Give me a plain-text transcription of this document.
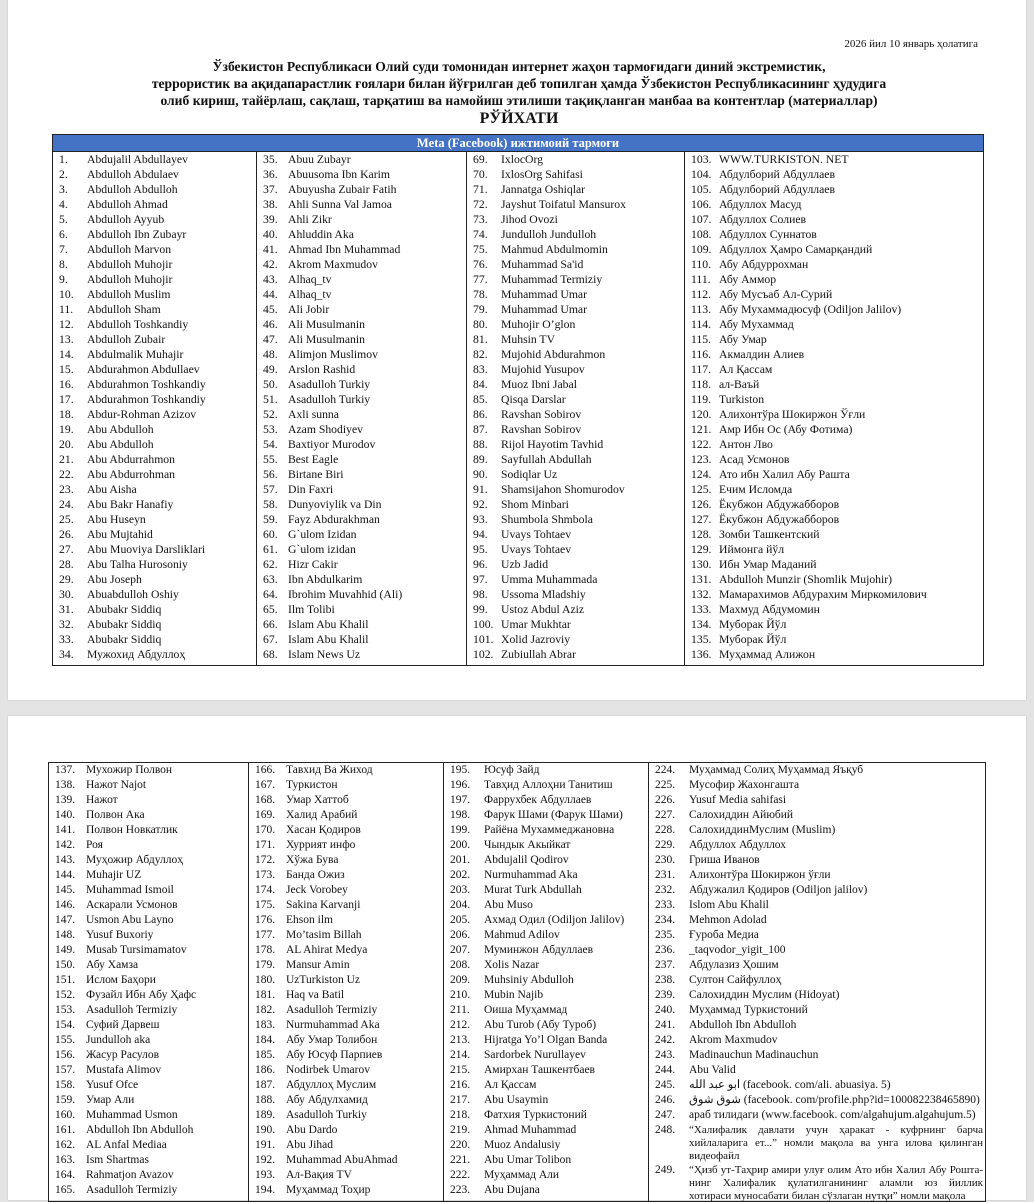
2026 йил 10 январь ҳолатига
Ўзбекистон Республикаси Олий суди томонидан интернет жаҳон тармоғидаги диний экстремистик,
террористик ва ақидапарастлик ғоялари билан йўғрилган деб топилган ҳамда Ўзбекистон Республикасининг ҳудудига
олиб кириш, тайёрлаш, сақлаш, тарқатиш ва намойиш этилиши тақиқланган манбаа ва контентлар (материаллар)
РЎЙХАТИ
Meta (Facebook) ижтимоий тармоғи
1.	Abdujalil Abdullayev
2.	Abdulloh Abdulaev
3.	Abdulloh Abdulloh
4.	Abdulloh Ahmad
5.	Abdulloh Ayyub
6.	Abdulloh Ibn Zubayr
7.	Abdulloh Marvon
8.	Abdulloh Muhojir
9.	Abdulloh Muhojir
10.	Abdulloh Muslim
11.	Abdulloh Sham
12.	Abdulloh Toshkandiy
13.	Abdulloh Zubair
14.	Abdulmalik Muhajir
15.	Abdurahmon Abdullaev
16.	Abdurahmon Toshkandiy
17.	Abdurahmon Toshkandiy
18.	Abdur-Rohman Azizov
19.	Abu Abdulloh
20.	Abu Abdulloh
21.	Abu Abdurrahmon
22.	Abu Abdurrohman
23.	Abu Aisha
24.	Abu Bakr Hanafiy
25.	Abu Huseyn
26.	Abu Mujtahid
27.	Abu Muoviya Darsliklari
28.	Abu Talha Hurosoniy
29.	Abu Joseph
30.	Abuabdulloh Oshiy
31.	Abubakr Siddiq
32.	Abubakr Siddiq
33.	Abubakr Siddiq
34.	Мужохид Абдуллоҳ
35. Abuu Zubayr
36. Abuusoma Ibn Karim
37. Abuyusha Zubair Fatih
38. Ahli Sunna Val Jamoa
39. Ahli Zikr
40. Ahluddin Aka
41. Ahmad Ibn Muhammad
42. Akrom Maxmudov
43. Alhaq_tv
44. Alhaq_tv
45. Ali Jobir
46. Ali Musulmanin
47. Ali Musulmanin
48. Alimjon Muslimov
49. Arslon Rashid
50. Asadulloh Turkiy
51. Asadulloh Turkiy
52. Axli sunna
53. Azam Shodiyev
54. Baxtiyor Murodov
55. Best Eagle
56. Birtane Biri
57. Din Faxri
58. Dunyoviylik va Din
59. Fayz Abdurakhman
60. G`ulom Izidan
61. G`ulom izidan
62. Hizr Cakir
63. Ibn Abdulkarim
64. Ibrohim Muvahhid (Ali)
65. Ilm Tolibi
66. Islam Abu Khalil
67. Islam Abu Khalil
68. Islam News Uz
69.	IxlocOrg
70.	IxlosOrg Sahifasi
71.	Jannatga Oshiqlar
72.	Jayshut Toifatul Mansurox
73.	Jihod Ovozi
74.	Jundulloh Jundulloh
75.	Mahmud Abdulmomin
76.	Muhammad Sa'id
77.	Muhammad Termiziy
78.	Muhammad Umar
79.	Muhammad Umar
80.	Muhojir O’glon
81.	Muhsin TV
82.	Mujohid Abdurahmon
83.	Mujohid Yusupov
84.	Muoz Ibni Jabal
85.	Qisqa Darslar
86.	Ravshan Sobirov
87.	Ravshan Sobirov
88.	Rijol Hayotim Tavhid
89.	Sayfullah Abdullah
90.	Sodiqlar Uz
91.	Shamsijahon Shomurodov
92.	Shom Minbari
93.	Shumbola Shmbola
94.	Uvays Tohtaev
95.	Uvays Tohtaev
96.	Uzb Jadid
97.	Umma Muhammada
98.	Ussoma Mladshiy
99.	Ustoz Abdul Aziz
100. Umar Mukhtar
101. Xolid Jazroviy
102. Zubiullah Abrar
103. WWW.TURKISTON. NET
104. Абдулборий Абдуллаев
105. Абдулборий Абдуллаев
106. Абдуллох Масуд
107. Абдуллох Солиев
108. Абдуллох Суннатов
109. Абдуллох Ҳамро Самарқандий
110. Абу Абдуррохман
111. Абу Аммор
112. Абу Мусъаб Ал-Сурий
113. Абу Мухаммадюсуф (Odiljon Jalilov)
114. Абу Мухаммад
115. Абу Умар
116. Акмалдин Алиев
117. Ал Қассам
118. ал-Ваъй
119. Turkiston
120. Алихонтўра Шокиржон Ўғли
121. Амр Ибн Ос (Абу Фотима)
122. Антон Лво
123. Асад Усмонов
124. Ато ибн Халил Абу Рашта
125. Ечим Исломда
126. Ёкубжон Абдужабборов
127. Ёкубжон Абдужабборов
128. Зомби Ташкентский
129. Иймонга йўл
130. Ибн Умар Маданий
131. Abdulloh Munzir (Shomlik Mujohir)
132. Мамарахимов Абдурахим Миркомилович
133. Махмуд Абдумомин
134. Муборак Йўл
135. Муборак Йўл
136. Муҳаммад Алижон
137. Мухожир Полвон
138. Нажот Najot
139. Нажот
140. Полвон Ака
141. Полвон Новкатлик
142. Роя
143. Муҳожир Абдуллоҳ
144. Muhajir UZ
145. Muhammad Ismoil
146. Аскарали Усмонов
147. Usmon Abu Layno
148. Yusuf Buxoriy
149. Musab Tursimamatov
150. Абу Хамза
151. Ислом Баҳори
152. Фузайл Ибн Абу Ҳафс
153. Asadulloh Termiziy
154. Суфий Дарвеш
155. Jundulloh aka
156. Жасур Расулов
157. Mustafa Alimov
158. Yusuf Ofce
159. Умар Али
160. Muhammad Usmon
161. Abdulloh Ibn Abdulloh
162. AL Anfal Mediaa
163. Ism Shartmas
164. Rahmatjon Avazov
165. Asadulloh Termiziy
166. Тавхид Ва Жиход
167. Туркистон
168. Умар Хаттоб
169. Халид Арабий
170. Хасан Қодиров
171. Хуррият инфо
172. Хўжа Бува
173. Банда Ожиз
174. Jeck Vorobey
175. Sakina Karvanji
176. Ehson ilm
177. Mo’tasim Billah
178. AL Ahirat Medya
179. Mansur Amin
180. UzTurkiston Uz
181. Haq va Batil
182. Asadulloh Termiziy
183. Nurmuhammad Aka
184. Абу Умар Толибон
185. Абу Юсуф Парпиев
186. Nodirbek Umarov
187. Абдуллоҳ Муслим
188. Абу Абдулхамид
189. Asadulloh Turkiy
190. Abu Dardo
191. Abu Jihad
192. Muhammad AbuAhmad
193. Ал-Вақия TV
194. Муҳаммад Тоҳир
195.	Юсуф Зайд
196.	Тавҳид Аллоҳни Танитиш
197.	Фаррухбек Абдуллаев
198.	Фарук Шами (Фарук Шами)
199.	Райёна Мухаммеджановна
200.	Чындык Акыйкат
201.	Abdujalil Qodirov
202.	Nurmuhammad Aka
203.	Murat Turk Abdullah
204.	Abu Muso
205.	Ахмад Одил (Odiljon Jalilov)
206.	Mahmud Adilov
207.	Муминжон Абдуллаев
208.	Xolis Nazar
209.	Muhsiniy Abdulloh
210.	Mubin Najib
211.	Оиша Муҳаммад
212.	Abu Turob (Абу Туроб)
213.	Hijratga Yo’l Olgan Banda
214.	Sardorbek Nurullayev
215.	Амирхан Ташкентбаев
216.	Ал Қассам
217.	Abu Usaymin
218.	Фатхия Туркистоний
219.	Ahmad Muhammad
220.	Muoz Andalusiy
221.	Abu Umar Tolibon
222.	Муҳаммад Али
223.	Abu Dujana
224.	Муҳаммад Солиҳ Муҳаммад Яъқуб
225.	Мусофир Жахонгашта
226.	Yusuf Media sahifasi
227.	Салохиддин Айюбий
228.	СалохиддинМуслим (Muslim)
229.	Абдуллох Абдуллох
230.	Гриша Иванов
231.	Алихонтўра Шокиржон ўғли
232.	Абдужалил Қодиров (Odiljon jalilov)
233.	Islom Abu Khalil
234.	Mehmon Adolad
235.	Ғуроба Медиа
236.	_taqvodor_yigit_100
237.	Абдулазиз Ҳошим
238.	Султон Сайфуллоҳ
239.	Салохиддин Муслим (Hidoyat)
240.	Муҳаммад Туркистоний
241.	Abdulloh Ibn Abdulloh
242.	Akrom Maxmudov
243.	Madinauchun Madinauchun
244.	Abu Valid
245.	ابو عبد الله (facebook. com/ali. abuasiya. 5)
246.	شوق شوق (facebook. com/profile.php?id=100082238465890)
247.	араб тилидаги (www.facebook. com/algahujum.algahujum.5)
248.	“Халифалик давлати учун ҳаракат - куфрнинг барча хийлаларига ет...” номли мақола ва унга илова қилинган видеофайл
249.	“Ҳизб ут-Таҳрир амири улуғ олим Ато ибн Халил Абу Рошта-нинг Халифалик қулатилганининг аламли юз йиллик хотираси муносабати билан сўзлаган нутқи” номли мақола
